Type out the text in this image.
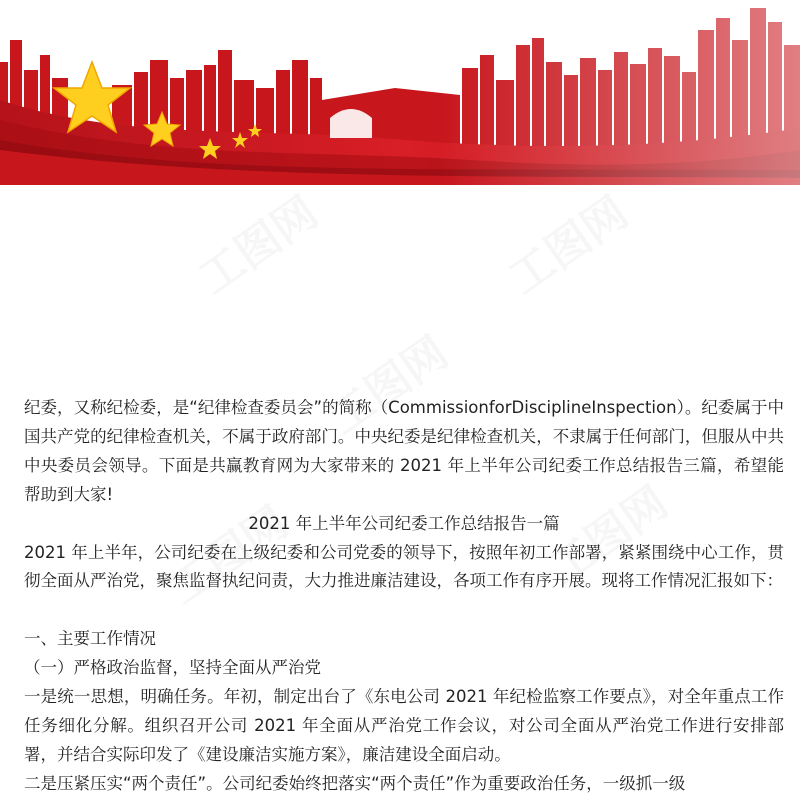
工图网	工图网
工图网
工图网
工图网

纪委，又称纪检委，是“纪律检查委员会”的简称（CommissionforDisciplineInspection）。纪委属于中国共产党的纪律检查机关，不属于政府部门。中央纪委是纪律检查机关，不隶属于任何部门，但服从中共中央委员会领导。下面是共赢教育网为大家带来的 2021 年上半年公司纪委工作总结报告三篇，希望能帮助到大家!

2021 年上半年公司纪委工作总结报告一篇

2021 年上半年，公司纪委在上级纪委和公司党委的领导下，按照年初工作部署，紧紧围绕中心工作，贯彻全面从严治党，聚焦监督执纪问责，大力推进廉洁建设，各项工作有序开展。现将工作情况汇报如下：

一、主要工作情况

（一）严格政治监督，坚持全面从严治党

一是统一思想，明确任务。年初，制定出台了《东电公司 2021 年纪检监察工作要点》，对全年重点工作任务细化分解。组织召开公司 2021 年全面从严治党工作会议，对公司全面从严治党工作进行安排部署，并结合实际印发了《建设廉洁实施方案》，廉洁建设全面启动。

二是压紧压实“两个责任”。公司纪委始终把落实“两个责任”作为重要政治任务，一级抓一级
